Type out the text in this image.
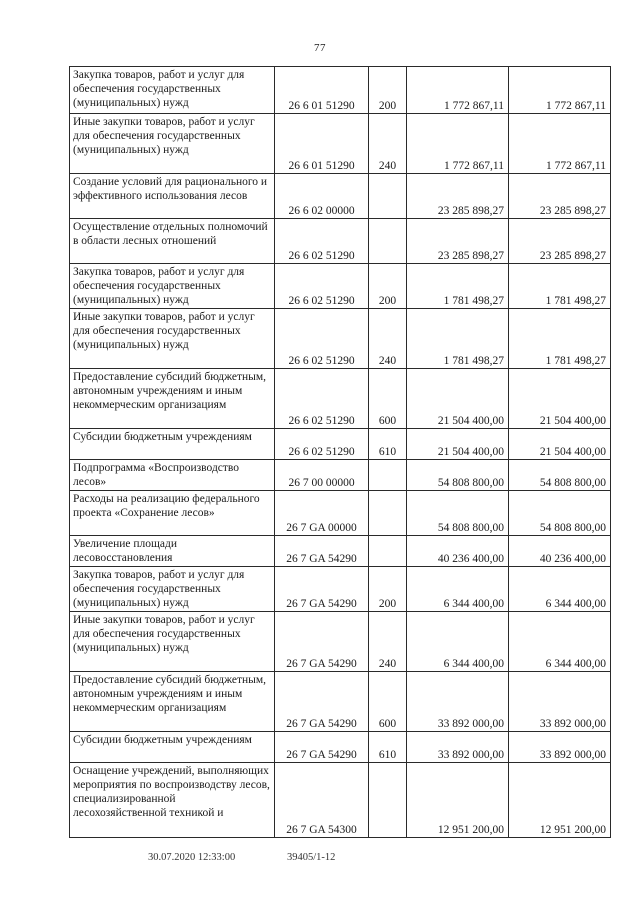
77
Закупка товаров, работ и услуг для обеспечения государственных (муниципальных) нужд	26 6 01 51290	200	1 772 867,11	1 772 867,11
Иные закупки товаров, работ и услуг для обеспечения государственных (муниципальных) нужд	26 6 01 51290	240	1 772 867,11	1 772 867,11
Создание условий для рационального и эффективного использования лесов	26 6 02 00000		23 285 898,27	23 285 898,27
Осуществление отдельных полномочий в области лесных отношений	26 6 02 51290		23 285 898,27	23 285 898,27
Закупка товаров, работ и услуг для обеспечения государственных (муниципальных) нужд	26 6 02 51290	200	1 781 498,27	1 781 498,27
Иные закупки товаров, работ и услуг для обеспечения государственных (муниципальных) нужд	26 6 02 51290	240	1 781 498,27	1 781 498,27
Предоставление субсидий бюджетным, автономным учреждениям и иным некоммерческим организациям	26 6 02 51290	600	21 504 400,00	21 504 400,00
Субсидии бюджетным учреждениям	26 6 02 51290	610	21 504 400,00	21 504 400,00
Подпрограмма «Воспроизводство лесов»	26 7 00 00000		54 808 800,00	54 808 800,00
Расходы на реализацию федерального проекта «Сохранение лесов»	26 7 GA 00000		54 808 800,00	54 808 800,00
Увеличение площади лесовосстановления	26 7 GA 54290		40 236 400,00	40 236 400,00
Закупка товаров, работ и услуг для обеспечения государственных (муниципальных) нужд	26 7 GA 54290	200	6 344 400,00	6 344 400,00
Иные закупки товаров, работ и услуг для обеспечения государственных (муниципальных) нужд	26 7 GA 54290	240	6 344 400,00	6 344 400,00
Предоставление субсидий бюджетным, автономным учреждениям и иным некоммерческим организациям	26 7 GA 54290	600	33 892 000,00	33 892 000,00
Субсидии бюджетным учреждениям	26 7 GA 54290	610	33 892 000,00	33 892 000,00
Оснащение учреждений, выполняющих мероприятия по воспроизводству лесов, специализированной лесохозяйственной техникой и	26 7 GA 54300		12 951 200,00	12 951 200,00
30.07.2020 12:33:00	39405/1-12
